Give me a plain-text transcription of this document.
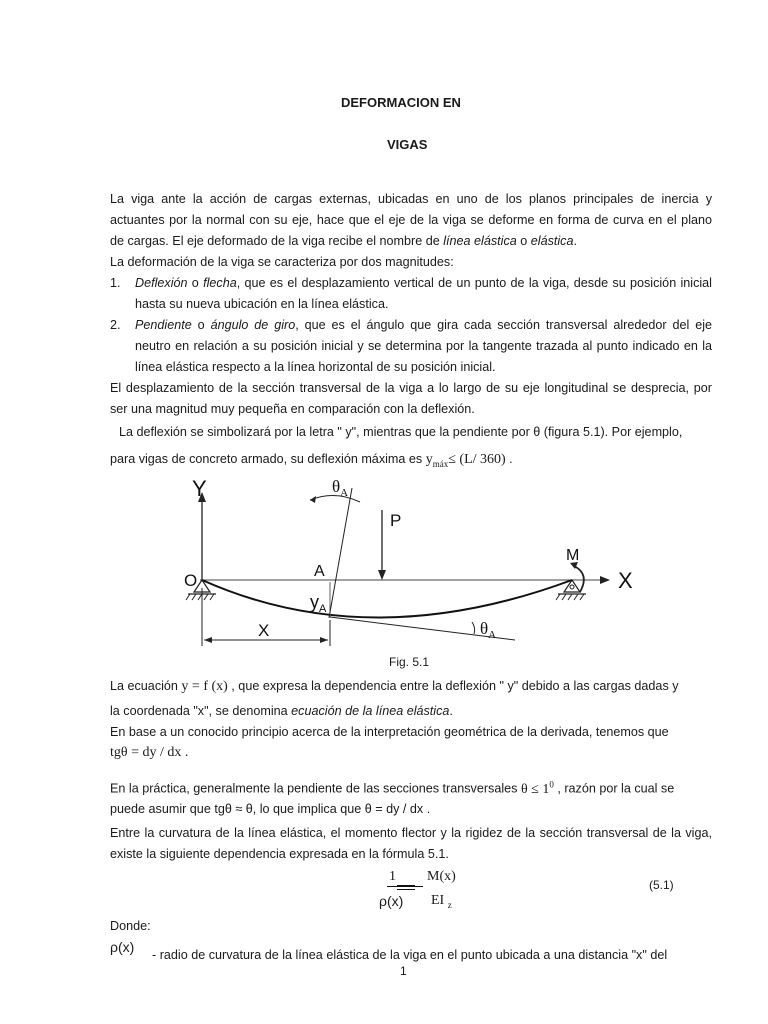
DEFORMACION EN
VIGAS
La viga ante la acción de cargas externas, ubicadas en uno de los planos principales de inercia y
actuantes por la normal con su eje, hace que el eje de la viga se deforme en forma de curva en el plano
de cargas. El eje deformado de la viga recibe el nombre de línea elástica o elástica.
La deformación de la viga se caracteriza por dos magnitudes:
1. Deflexión o flecha, que es el desplazamiento vertical de un punto de la viga, desde su posición inicial
hasta su nueva ubicación en la línea elástica.
2. Pendiente o ángulo de giro, que es el ángulo que gira cada sección transversal alrededor del eje
neutro en relación a su posición inicial y se determina por la tangente trazada al punto indicado en la
línea elástica respecto a la línea horizontal de su posición inicial.
El desplazamiento de la sección transversal de la viga a lo largo de su eje longitudinal se desprecia, por
ser una magnitud muy pequeña en comparación con la deflexión.
La deflexión se simbolizará por la letra " y", mientras que la pendiente por θ (figura 5.1). Por ejemplo,
para vigas de concreto armado, su deflexión máxima es $y_{máx}\le (L/$ 360) .
Y
X
O	A
P
M
X
$y_A$
$\theta_A$
$\theta_A$
Fig. 5.1
La ecuación y = f (x) , que expresa la dependencia entre la deflexión " y" debido a las cargas dadas y
la coordenada "x", se denomina ecuación de la línea elástica.
En base a un conocido principio acerca de la interpretación geométrica de la derivada, tenemos que
tgθ = dy / dx .
En la práctica, generalmente la pendiente de las secciones transversales $\theta \le 1^0$ , razón por la cual se
puede asumir que tgθ ≈ θ, lo que implica que θ = dy / dx .
Entre la curvatura de la línea elástica, el momento flector y la rigidez de la sección transversal de la viga,
existe la siguiente dependencia expresada en la fórmula 5.1.
1
ρ(x)
M(x)
EI $_z$
(5.1)
Donde:
ρ(x) - radio de curvatura de la línea elástica de la viga en el punto ubicada a una distancia "x" del
1
